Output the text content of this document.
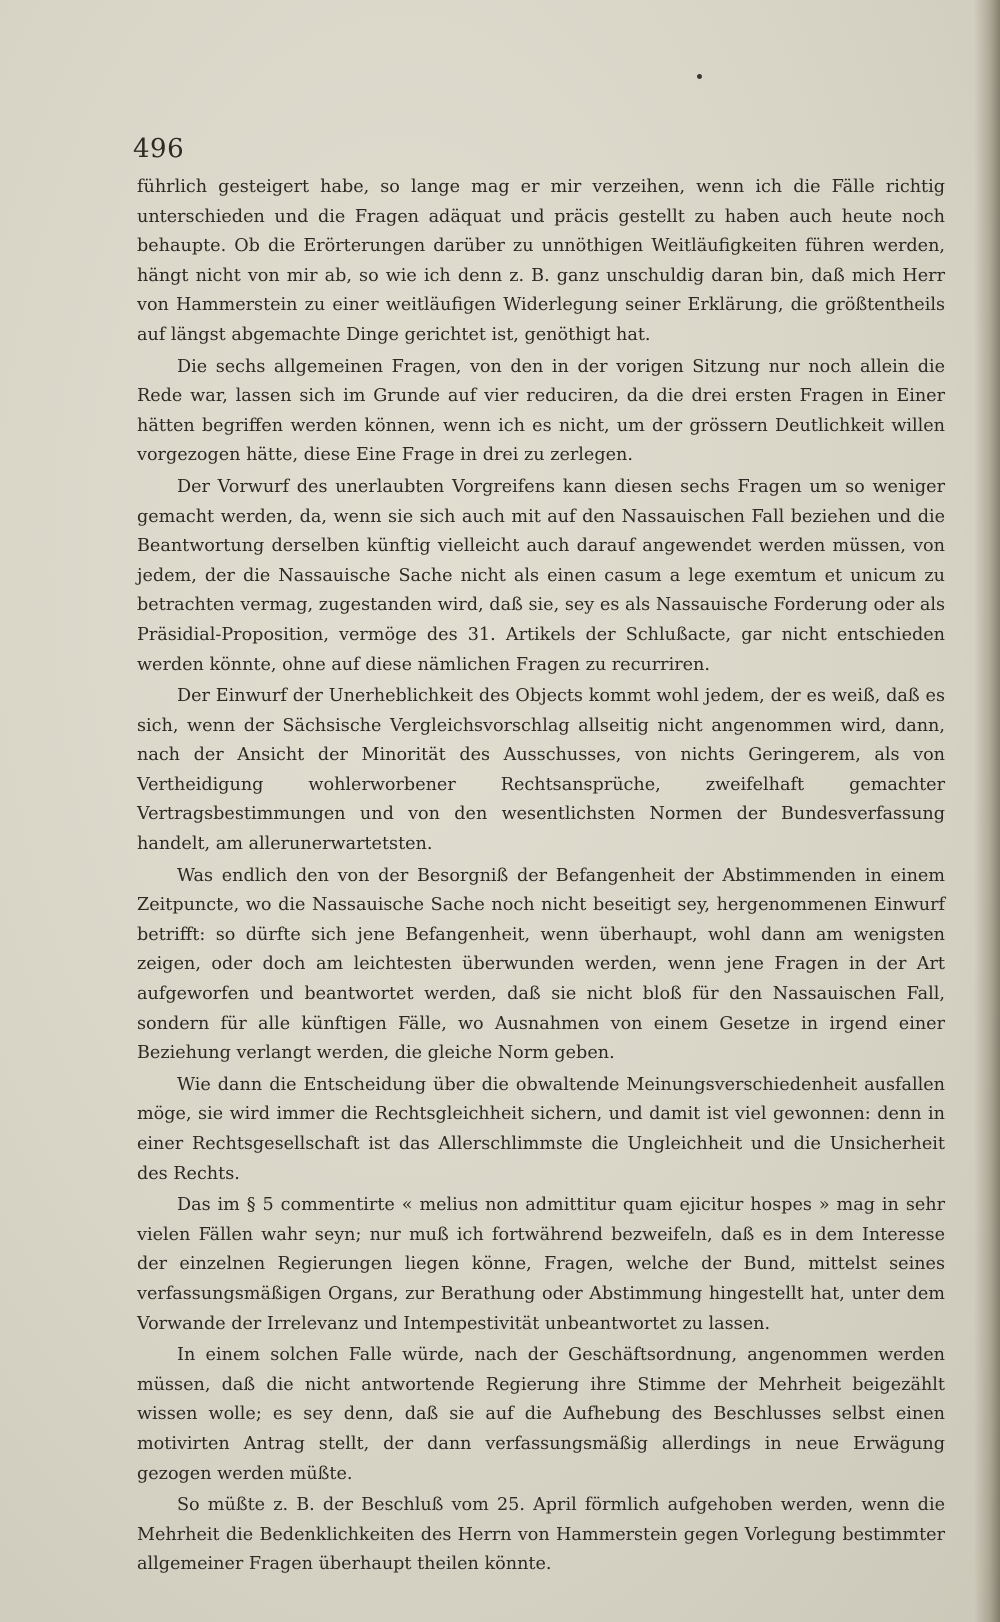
496

führlich gesteigert habe, so lange mag er mir verzeihen, wenn ich die Fälle richtig unterschieden und die Fragen adäquat und präcis gestellt zu haben auch heute noch behaupte. Ob die Erörterungen darüber zu unnöthigen Weitläufigkeiten führen werden, hängt nicht von mir ab, so wie ich denn z. B. ganz unschuldig daran bin, daß mich Herr von Hammerstein zu einer weitläufigen Widerlegung seiner Erklärung, die größtentheils auf längst abgemachte Dinge gerichtet ist, genöthigt hat.

Die sechs allgemeinen Fragen, von den in der vorigen Sitzung nur noch allein die Rede war, lassen sich im Grunde auf vier reduciren, da die drei ersten Fragen in Einer hätten begriffen werden können, wenn ich es nicht, um der grössern Deutlichkeit willen vorgezogen hätte, diese Eine Frage in drei zu zerlegen.

Der Vorwurf des unerlaubten Vorgreifens kann diesen sechs Fragen um so weniger gemacht werden, da, wenn sie sich auch mit auf den Nassauischen Fall beziehen und die Beantwortung derselben künftig vielleicht auch darauf angewendet werden müssen, von jedem, der die Nassauische Sache nicht als einen casum a lege exemtum et unicum zu betrachten vermag, zugestanden wird, daß sie, sey es als Nassauische Forderung oder als Präsidial-Proposition, vermöge des 31. Artikels der Schlußacte, gar nicht entschieden werden könnte, ohne auf diese nämlichen Fragen zu recurriren.

Der Einwurf der Unerheblichkeit des Objects kommt wohl jedem, der es weiß, daß es sich, wenn der Sächsische Vergleichsvorschlag allseitig nicht angenommen wird, dann, nach der Ansicht der Minorität des Ausschusses, von nichts Geringerem, als von Vertheidigung wohlerworbener Rechtsansprüche, zweifelhaft gemachter Vertragsbestimmungen und von den wesentlichsten Normen der Bundesverfassung handelt, am allerunerwartetsten.

Was endlich den von der Besorgniß der Befangenheit der Abstimmenden in einem Zeitpuncte, wo die Nassauische Sache noch nicht beseitigt sey, hergenommenen Einwurf betrifft: so dürfte sich jene Befangenheit, wenn überhaupt, wohl dann am wenigsten zeigen, oder doch am leichtesten überwunden werden, wenn jene Fragen in der Art aufgeworfen und beantwortet werden, daß sie nicht bloß für den Nassauischen Fall, sondern für alle künftigen Fälle, wo Ausnahmen von einem Gesetze in irgend einer Beziehung verlangt werden, die gleiche Norm geben.

Wie dann die Entscheidung über die obwaltende Meinungsverschiedenheit ausfallen möge, sie wird immer die Rechtsgleichheit sichern, und damit ist viel gewonnen: denn in einer Rechtsgesellschaft ist das Allerschlimmste die Ungleichheit und die Unsicherheit des Rechts.

Das im § 5 commentirte « melius non admittitur quam ejicitur hospes » mag in sehr vielen Fällen wahr seyn; nur muß ich fortwährend bezweifeln, daß es in dem Interesse der einzelnen Regierungen liegen könne, Fragen, welche der Bund, mittelst seines verfassungsmäßigen Organs, zur Berathung oder Abstimmung hingestellt hat, unter dem Vorwande der Irrelevanz und Intempestivität unbeantwortet zu lassen.

In einem solchen Falle würde, nach der Geschäftsordnung, angenommen werden müssen, daß die nicht antwortende Regierung ihre Stimme der Mehrheit beigezählt wissen wolle; es sey denn, daß sie auf die Aufhebung des Beschlusses selbst einen motivirten Antrag stellt, der dann verfassungsmäßig allerdings in neue Erwägung gezogen werden müßte.

So müßte z. B. der Beschluß vom 25. April förmlich aufgehoben werden, wenn die Mehrheit die Bedenklichkeiten des Herrn von Hammerstein gegen Vorlegung bestimmter allgemeiner Fragen überhaupt theilen könnte.
